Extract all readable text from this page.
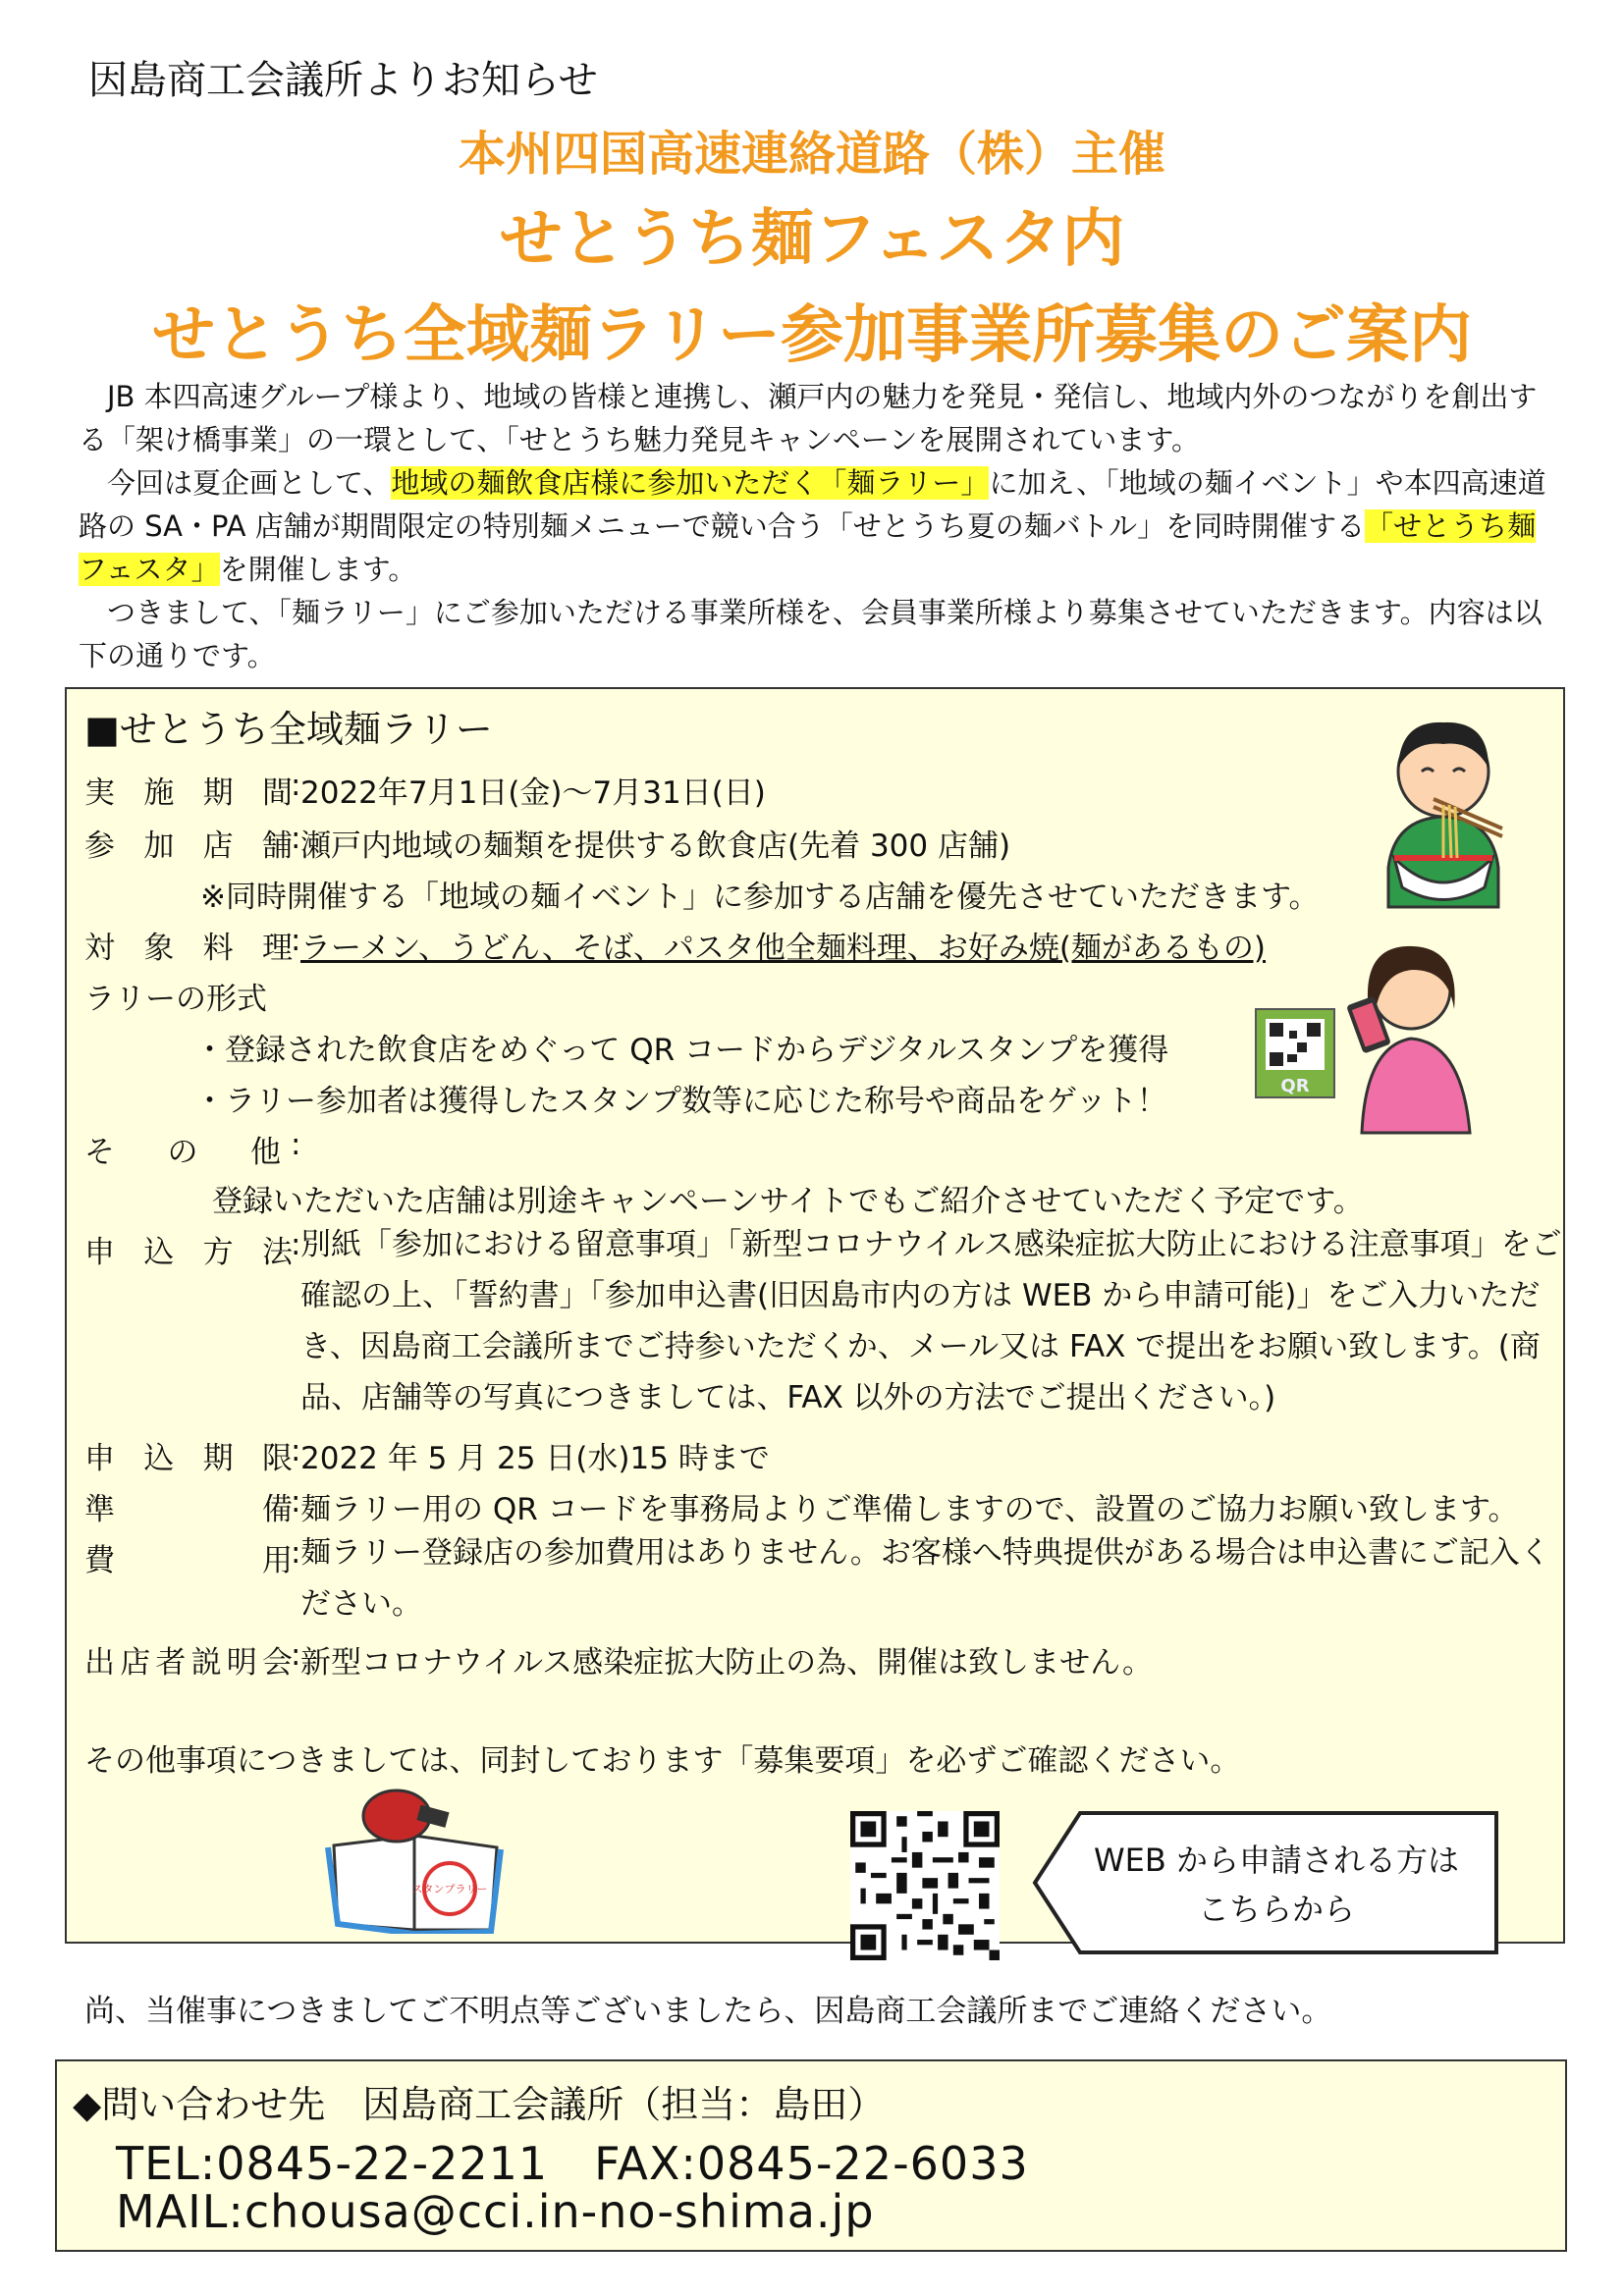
因島商工会議所よりお知らせ
本州四国高速連絡道路（株）主催
せとうち麺フェスタ内
せとうち全域麺ラリー参加事業所募集のご案内

JB 本四高速グループ様より、地域の皆様と連携し、瀬戸内の魅力を発見・発信し、地域内外のつながりを創出する「架け橋事業」の一環として、「せとうち魅力発見キャンペーンを展開されています。

今回は夏企画として、地域の麺飲食店様に参加いただく「麺ラリー」に加え、「地域の麺イベント」や本四高速道路の SA・PA 店舗が期間限定の特別麺メニューで競い合う「せとうち夏の麺バトル」を同時開催する「せとうち麺フェスタ」を開催します。

つきまして、「麺ラリー」にご参加いただける事業所様を、会員事業所様より募集させていただきます。内容は以下の通りです。

■せとうち全域麺ラリー
実施期間
: 2022年7月1日(金)～7月31日(日)
参加店舗
: 瀬戸内地域の麺類を提供する飲食店(先着 300 店舗)
※同時開催する「地域の麺イベント」に参加する店舗を優先させていただきます。
対象料理
: ラーメン、うどん、そば、パスタ他全麺料理、お好み焼(麺があるもの)
ラリーの形式
・登録された飲食店をめぐって QR コードからデジタルスタンプを獲得
・ラリー参加者は獲得したスタンプ数等に応じた称号や商品をゲット！
そ　の　他 :
登録いただいた店舗は別途キャンペーンサイトでもご紹介させていただく予定です。
申込方法
: 別紙「参加における留意事項」「新型コロナウイルス感染症拡大防止における注意事項」をご確認の上、「誓約書」「参加申込書(旧因島市内の方は WEB から申請可能)」をご入力いただき、因島商工会議所までご持参いただくか、メール又は FAX で提出をお願い致します。(商品、店舗等の写真につきましては、FAX 以外の方法でご提出ください。)
申込期限
: 2022 年 5 月 25 日(水)15 時まで
準　備
: 麺ラリー用の QR コードを事務局よりご準備しますので、設置のご協力お願い致します。
費　用
: 麺ラリー登録店の参加費用はありません。お客様へ特典提供がある場合は申込書にご記入ください。
出店者説明会
: 新型コロナウイルス感染症拡大防止の為、開催は致しません。
その他事項につきましては、同封しております「募集要項」を必ずご確認ください。
QR
スタンプラリー
WEB から申請される方は
こちらから
尚、当催事につきましてご不明点等ございましたら、因島商工会議所までご連絡ください。
◆問い合わせ先　因島商工会議所（担当：島田）
TEL:0845-22-2211　FAX:0845-22-6033
MAIL:chousa@cci.in-no-shima.jp
